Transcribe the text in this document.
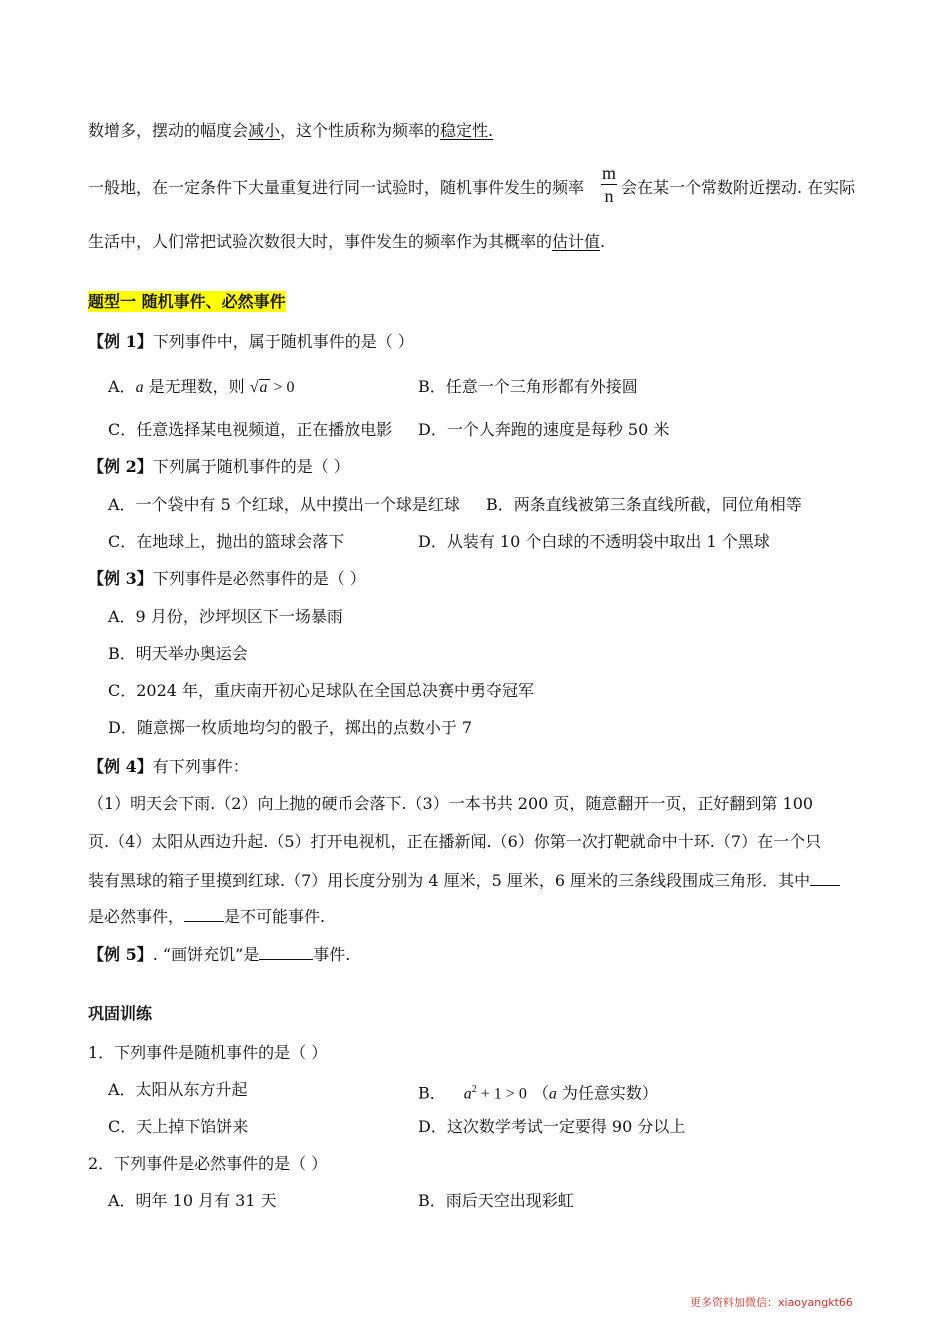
数增多，摆动的幅度会减小，这个性质称为频率的稳定性.
一般地，在一定条件下大量重复进行同一试验时，随机事件发生的频率
m
n 会在某一个常数附近摆动. 在实际
生活中，人们常把试验次数很大时，事件发生的频率作为其概率的估计值.
题型一 随机事件、必然事件
【例 1】下列事件中，属于随机事件的是（ ）
A．a 是无理数，则 √a > 0	B．任意一个三角形都有外接圆
C．任意选择某电视频道，正在播放电影 D．一个人奔跑的速度是每秒 50 米
【例 2】下列属于随机事件的是（ ）
A．一个袋中有 5 个红球，从中摸出一个球是红球 B．两条直线被第三条直线所截，同位角相等
C．在地球上，抛出的篮球会落下	D．从装有 10 个白球的不透明袋中取出 1 个黑球
【例 3】下列事件是必然事件的是（ ）
A．9 月份，沙坪坝区下一场暴雨
B．明天举办奥运会
C．2024 年，重庆南开初心足球队在全国总决赛中勇夺冠军
D．随意掷一枚质地均匀的骰子，掷出的点数小于 7
【例 4】有下列事件：
（1）明天会下雨.（2）向上抛的硬币会落下.（3）一本书共 200 页，随意翻开一页，正好翻到第 100
页.（4）太阳从西边升起.（5）打开电视机，正在播新闻.（6）你第一次打靶就命中十环.（7）在一个只
装有黑球的箱子里摸到红球.（7）用长度分别为 4 厘米，5 厘米，6 厘米的三条线段围成三角形．其中
是必然事件，	是不可能事件.
【例 5】. “画饼充饥”是	事件.
巩固训练
1．下列事件是随机事件的是（ ）
A．太阳从东方升起	B． $a^2 + 1 > 0$ （a 为任意实数）
C．天上掉下馅饼来	D．这次数学考试一定要得 90 分以上
2．下列事件是必然事件的是（ ）
A．明年 10 月有 31 天	B．雨后天空出现彩虹
更多资料加微信：xiaoyangkt66
